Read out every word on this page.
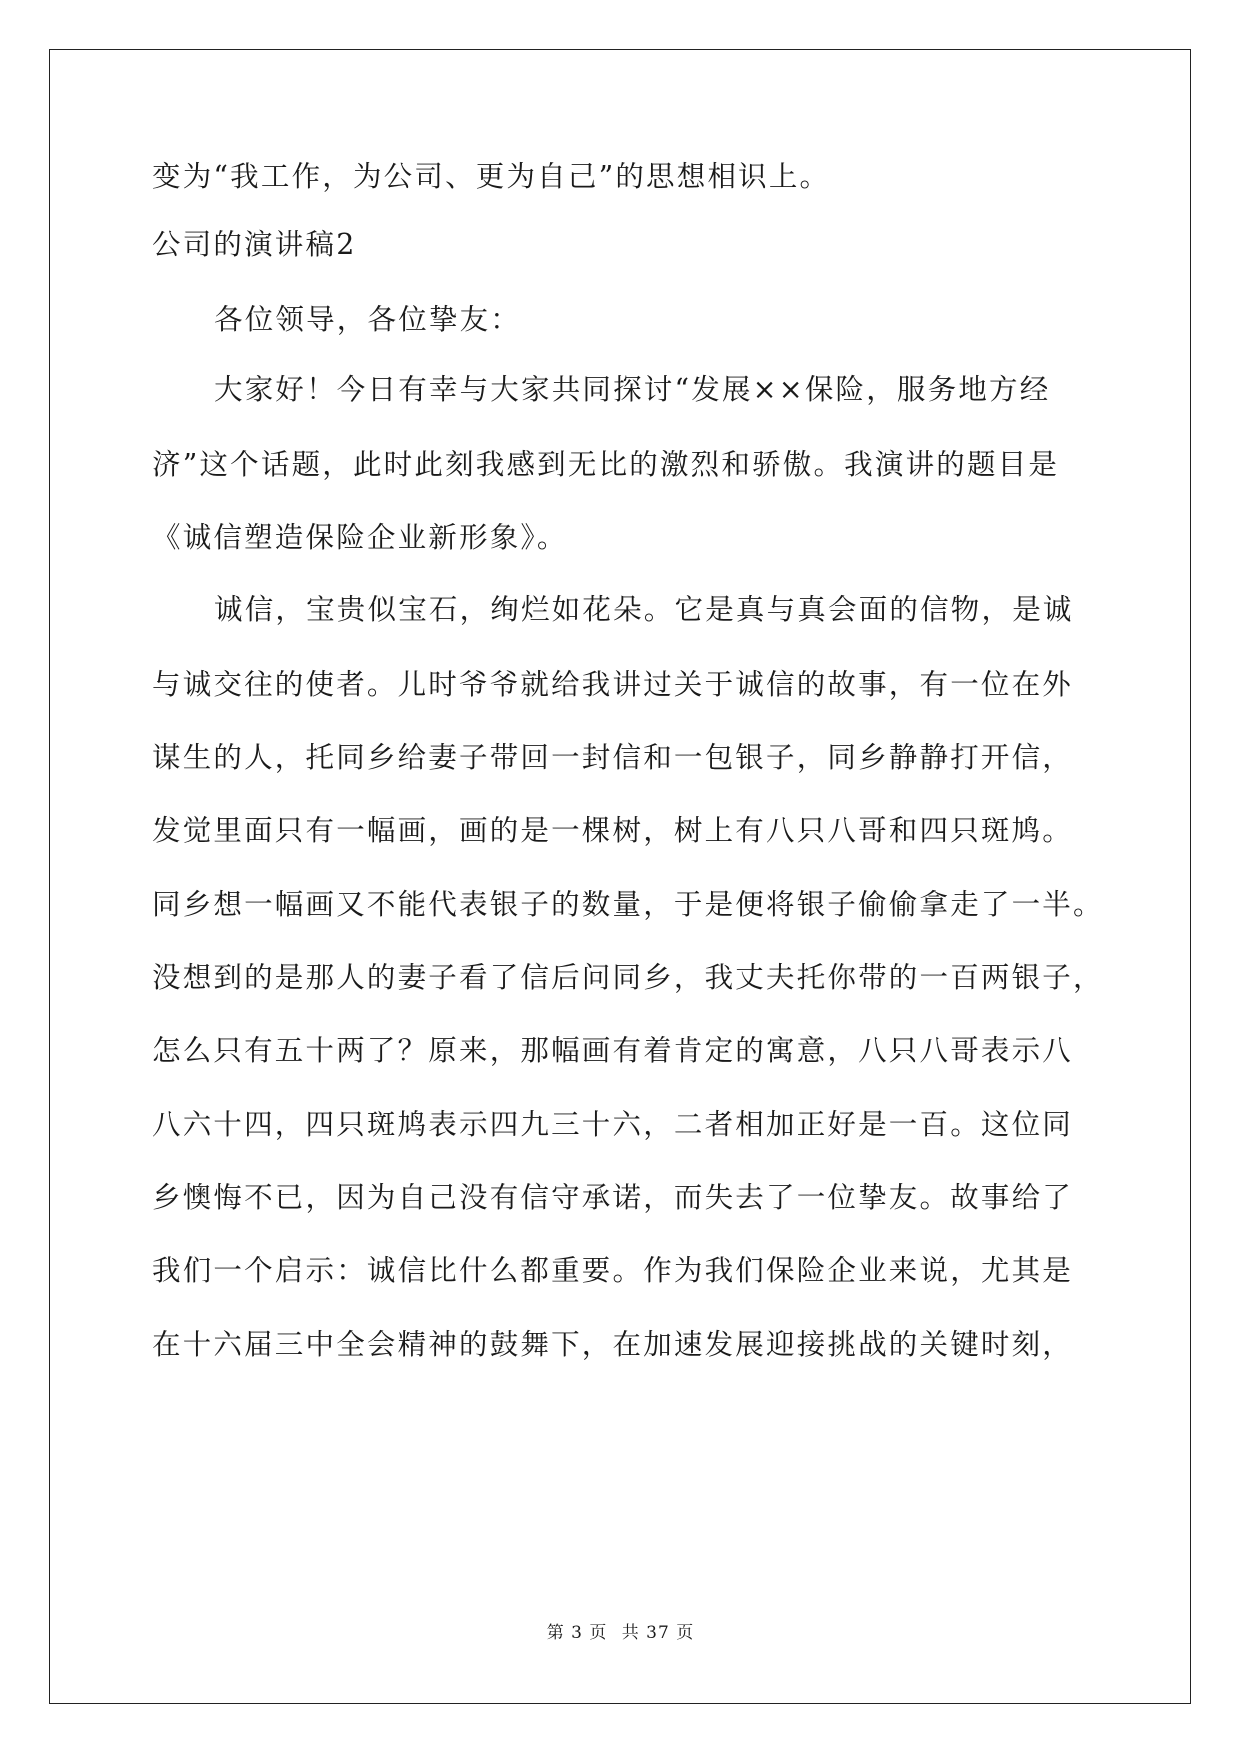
变为“我工作，为公司、更为自己”的思想相识上。
公司的演讲稿2
各位领导，各位挚友：
大家好！今日有幸与大家共同探讨“发展××保险，服务地方经
济”这个话题，此时此刻我感到无比的激烈和骄傲。我演讲的题目是
《诚信塑造保险企业新形象》。
诚信，宝贵似宝石，绚烂如花朵。它是真与真会面的信物，是诚
与诚交往的使者。儿时爷爷就给我讲过关于诚信的故事，有一位在外
谋生的人，托同乡给妻子带回一封信和一包银子，同乡静静打开信，
发觉里面只有一幅画，画的是一棵树，树上有八只八哥和四只斑鸠。
同乡想一幅画又不能代表银子的数量，于是便将银子偷偷拿走了一半。
没想到的是那人的妻子看了信后问同乡，我丈夫托你带的一百两银子，
怎么只有五十两了？原来，那幅画有着肯定的寓意，八只八哥表示八
八六十四，四只斑鸠表示四九三十六，二者相加正好是一百。这位同
乡懊悔不已，因为自己没有信守承诺，而失去了一位挚友。故事给了
我们一个启示：诚信比什么都重要。作为我们保险企业来说，尤其是
在十六届三中全会精神的鼓舞下，在加速发展迎接挑战的关键时刻，
第 3 页 共 37 页
